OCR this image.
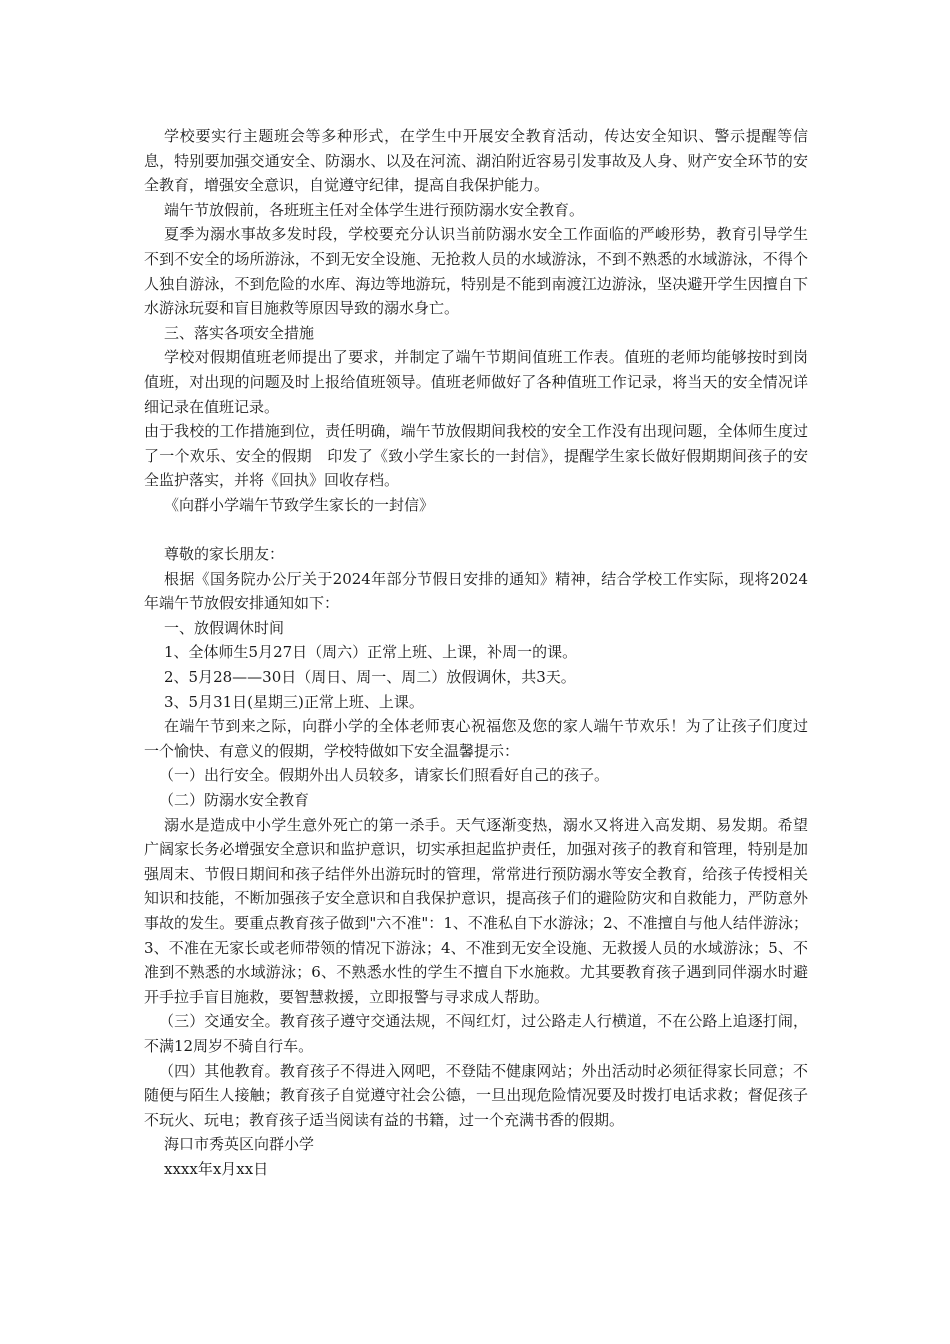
学校要实行主题班会等多种形式，在学生中开展安全教育活动，传达安全知识、警示提醒等信息，特别要加强交通安全、防溺水、以及在河流、湖泊附近容易引发事故及人身、财产安全环节的安全教育，增强安全意识，自觉遵守纪律，提高自我保护能力。

端午节放假前，各班班主任对全体学生进行预防溺水安全教育。

夏季为溺水事故多发时段，学校要充分认识当前防溺水安全工作面临的严峻形势，教育引导学生不到不安全的场所游泳，不到无安全设施、无抢救人员的水域游泳，不到不熟悉的水域游泳，不得个人独自游泳，不到危险的水库、海边等地游玩，特别是不能到南渡江边游泳，坚决避开学生因擅自下水游泳玩耍和盲目施救等原因导致的溺水身亡。

三、落实各项安全措施

学校对假期值班老师提出了要求，并制定了端午节期间值班工作表。值班的老师均能够按时到岗值班，对出现的问题及时上报给值班领导。值班老师做好了各种值班工作记录，将当天的安全情况详细记录在值班记录。

由于我校的工作措施到位，责任明确，端午节放假期间我校的安全工作没有出现问题，全体师生度过了一个欢乐、安全的假期　印发了《致小学生家长的一封信》，提醒学生家长做好假期期间孩子的安全监护落实，并将《回执》回收存档。

《向群小学端午节致学生家长的一封信》

尊敬的家长朋友：

根据《国务院办公厅关于2024年部分节假日安排的通知》精神，结合学校工作实际，现将2024年端午节放假安排通知如下：

一、放假调休时间

1、全体师生5月27日（周六）正常上班、上课，补周一的课。

2、5月28——30日（周日、周一、周二）放假调休，共3天。

3、5月31日(星期三)正常上班、上课。

在端午节到来之际，向群小学的全体老师衷心祝福您及您的家人端午节欢乐！为了让孩子们度过一个愉快、有意义的假期，学校特做如下安全温馨提示：

（一）出行安全。假期外出人员较多，请家长们照看好自己的孩子。

（二）防溺水安全教育

溺水是造成中小学生意外死亡的第一杀手。天气逐渐变热，溺水又将进入高发期、易发期。希望广阔家长务必增强安全意识和监护意识，切实承担起监护责任，加强对孩子的教育和管理，特别是加强周末、节假日期间和孩子结伴外出游玩时的管理，常常进行预防溺水等安全教育，给孩子传授相关知识和技能，不断加强孩子安全意识和自我保护意识，提高孩子们的避险防灾和自救能力，严防意外事故的发生。要重点教育孩子做到"六不准"：1、不准私自下水游泳；2、不准擅自与他人结伴游泳；3、不准在无家长或老师带领的情况下游泳；4、不准到无安全设施、无救援人员的水域游泳；5、不准到不熟悉的水域游泳；6、不熟悉水性的学生不擅自下水施救。尤其要教育孩子遇到同伴溺水时避开手拉手盲目施救，要智慧救援，立即报警与寻求成人帮助。

（三）交通安全。教育孩子遵守交通法规，不闯红灯，过公路走人行横道，不在公路上追逐打闹，不满12周岁不骑自行车。

（四）其他教育。教育孩子不得进入网吧，不登陆不健康网站；外出活动时必须征得家长同意；不随便与陌生人接触；教育孩子自觉遵守社会公德，一旦出现危险情况要及时拨打电话求救；督促孩子不玩火、玩电；教育孩子适当阅读有益的书籍，过一个充满书香的假期。

海口市秀英区向群小学

xxxx年x月xx日
